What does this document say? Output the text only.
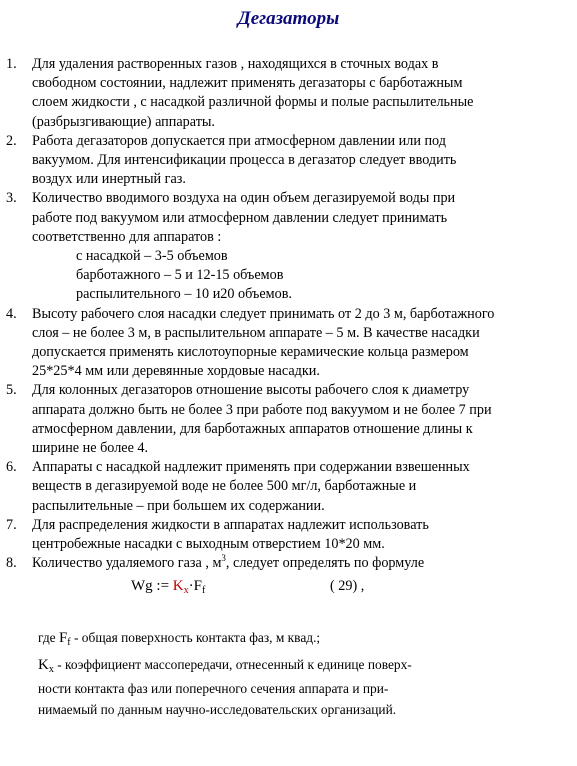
Дегазаторы
1.	Для удаления растворенных газов , находящихся в сточных водах в
свободном состоянии, надлежит применять дегазаторы с барботажным
слоем жидкости , с насадкой различной формы и полые распылительные
(разбрызгивающие) аппараты.
2.	Работа дегазаторов допускается при атмосферном давлении или под
вакуумом. Для интенсификации процесса в дегазатор следует вводить
воздух или инертный газ.
3.	Количество вводимого воздуха на один объем дегазируемой воды при
работе под вакуумом или атмосферном давлении следует принимать
соответственно для аппаратов :
с насадкой – 3-5 объемов
барботажного – 5 и 12-15 объемов
распылительного – 10 и20 объемов.
4.	Высоту рабочего слоя насадки следует принимать от 2 до 3 м, барботажного
слоя – не более 3 м, в распылительном аппарате – 5 м. В качестве насадки
допускается применять кислотоупорные керамические кольца размером
25*25*4 мм или деревянные хордовые насадки.
5.	Для колонных дегазаторов отношение высоты рабочего слоя к диаметру
аппарата должно быть не более 3 при работе под вакуумом и не более 7 при
атмосферном давлении, для барботажных аппаратов отношение длины к
ширине не более 4.
6.	Аппараты с насадкой надлежит применять при содержании взвешенных
веществ в дегазируемой воде не более 500 мг/л, барботажные и
распылительные – при большем их содержании.
7.	Для распределения жидкости в аппаратах надлежит использовать
центробежные насадки с выходным отверстием 10*20 мм.
8.	Количество удаляемого газа , $м^3$, следует определять по формуле
Wg := $K_x\cdot F_f$	( 29) ,
где $F_f$ - общая поверхность контакта фаз, м квад.;
$K_x$ - коэффициент массопередачи, отнесенный к единице поверх-
ности контакта фаз или поперечного сечения аппарата и при-
нимаемый по данным научно-исследовательских организаций.
